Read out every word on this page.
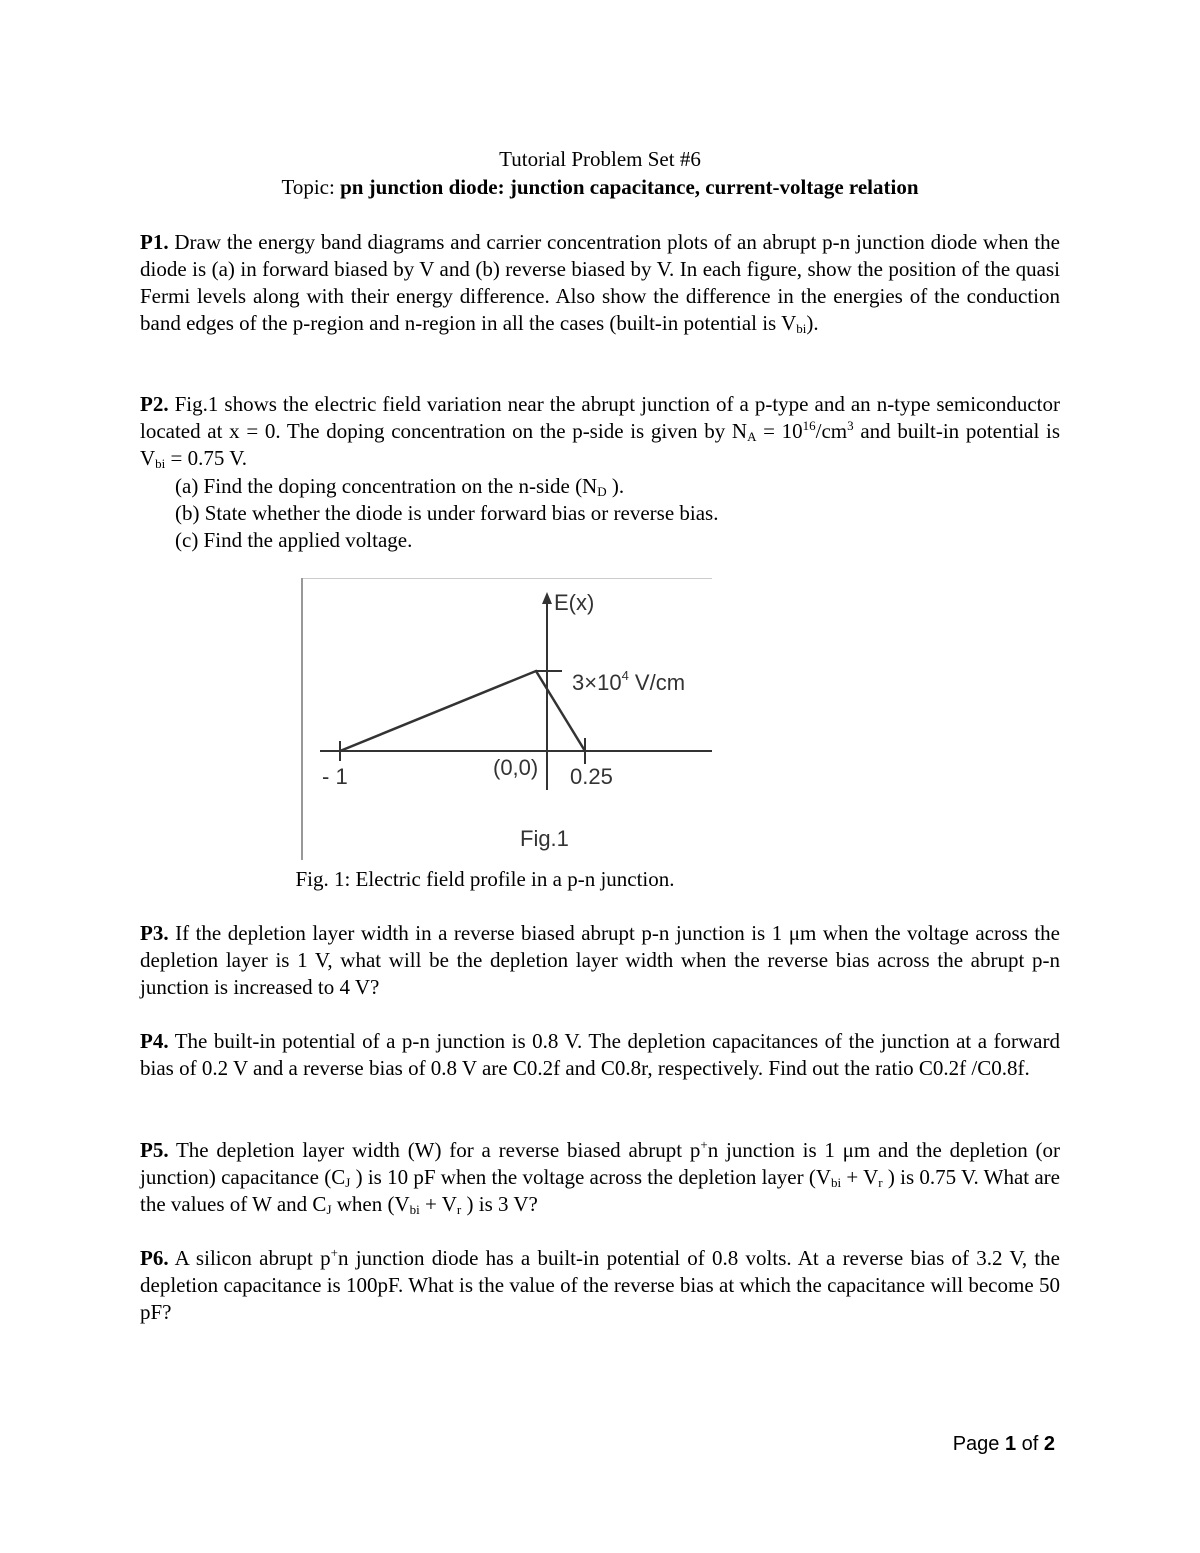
Tutorial Problem Set #6
Topic: pn junction diode: junction capacitance, current-voltage relation
P1. Draw the energy band diagrams and carrier concentration plots of an abrupt p-n junction diode when the diode is (a) in forward biased by V and (b) reverse biased by V. In each figure, show the position of the quasi Fermi levels along with their energy difference. Also show the difference in the energies of the conduction band edges of the p-region and n-region in all the cases (built-in potential is $V_{bi}$).
P2. Fig.1 shows the electric field variation near the abrupt junction of a p-type and an n-type semiconductor located at x = 0. The doping concentration on the p-side is given by $N_A = 10^{16}/cm^3$ and built-in potential is $V_{bi} = 0.75$ V.
(a) Find the doping concentration on the n-side ($N_D$ ).
(b) State whether the diode is under forward bias or reverse bias.
(c) Find the applied voltage.
E(x)
$3\times 10^4$ V/cm
- 1	(0,0) 0.25
Fig.1
Fig. 1: Electric field profile in a p-n junction.
P3. If the depletion layer width in a reverse biased abrupt p-n junction is 1 μm when the voltage across the depletion layer is 1 V, what will be the depletion layer width when the reverse bias across the abrupt p-n junction is increased to 4 V?
P4. The built-in potential of a p-n junction is 0.8 V. The depletion capacitances of the junction at a forward bias of 0.2 V and a reverse bias of 0.8 V are C0.2f and C0.8r, respectively. Find out the ratio C0.2f /C0.8f.
P5. The depletion layer width (W) for a reverse biased abrupt p+n junction is 1 μm and the depletion (or junction) capacitance ($C_J$ ) is 10 pF when the voltage across the depletion layer ($V_{bi} + V_r$ ) is 0.75 V. What are the values of W and $C_J$ when ($V_{bi} + V_r$ ) is 3 V?
P6. A silicon abrupt p+n junction diode has a built-in potential of 0.8 volts. At a reverse bias of 3.2 V, the depletion capacitance is 100pF. What is the value of the reverse bias at which the capacitance will become 50 pF?
Page 1 of 2
